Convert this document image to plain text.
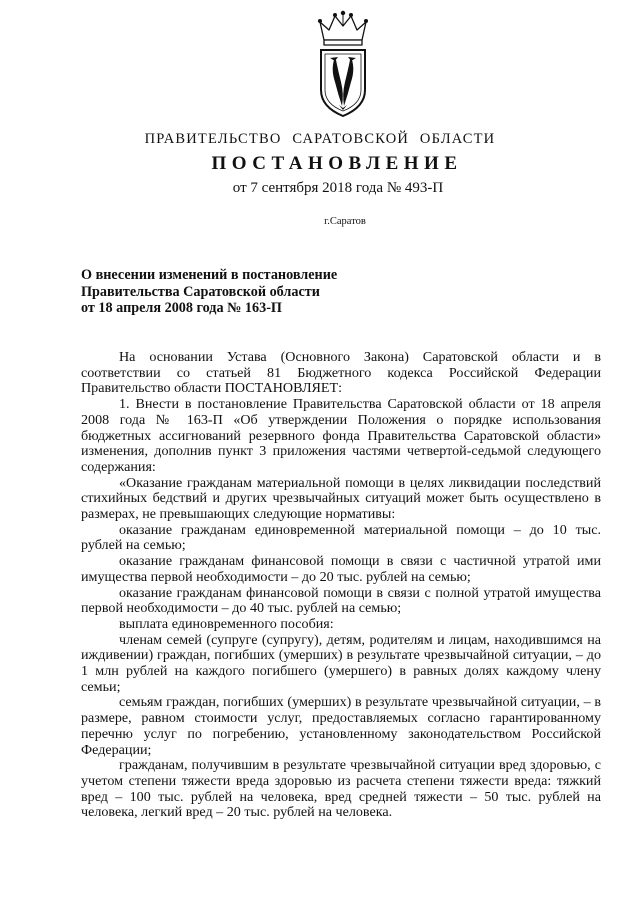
ПРАВИТЕЛЬСТВО САРАТОВСКОЙ ОБЛАСТИ
ПОСТАНОВЛЕНИЕ
от 7 сентября 2018 года № 493-П
г.Саратов
О внесении изменений в постановление
Правительства Саратовской области
от 18 апреля 2008 года № 163-П

На основании Устава (Основного Закона) Саратовской области и в соответствии со статьей 81 Бюджетного кодекса Российской Федерации Правительство области ПОСТАНОВЛЯЕТ:

1. Внести в постановление Правительства Саратовской области от 18 апреля 2008 года № 163-П «Об утверждении Положения о порядке использования бюджетных ассигнований резервного фонда Правительства Саратовской области» изменения, дополнив пункт 3 приложения частями четвертой-седьмой следующего содержания:

«Оказание гражданам материальной помощи в целях ликвидации последствий стихийных бедствий и других чрезвычайных ситуаций может быть осуществлено в размерах, не превышающих следующие нормативы:

оказание гражданам единовременной материальной помощи – до 10 тыс. рублей на семью;

оказание гражданам финансовой помощи в связи с частичной утратой ими имущества первой необходимости – до 20 тыс. рублей на семью;

оказание гражданам финансовой помощи в связи с полной утратой имущества первой необходимости – до 40 тыс. рублей на семью;

выплата единовременного пособия:

членам семей (супруге (супругу), детям, родителям и лицам, находившимся на иждивении) граждан, погибших (умерших) в результате чрезвычайной ситуации, – до 1 млн рублей на каждого погибшего (умершего) в равных долях каждому члену семьи;

семьям граждан, погибших (умерших) в результате чрезвычайной ситуации, – в размере, равном стоимости услуг, предоставляемых согласно гарантированному перечню услуг по погребению, установленному законодательством Российской Федерации;

гражданам, получившим в результате чрезвычайной ситуации вред здоровью, с учетом степени тяжести вреда здоровью из расчета степени тяжести вреда: тяжкий вред – 100 тыс. рублей на человека, вред средней тяжести – 50 тыс. рублей на человека, легкий вред – 20 тыс. рублей на человека.
